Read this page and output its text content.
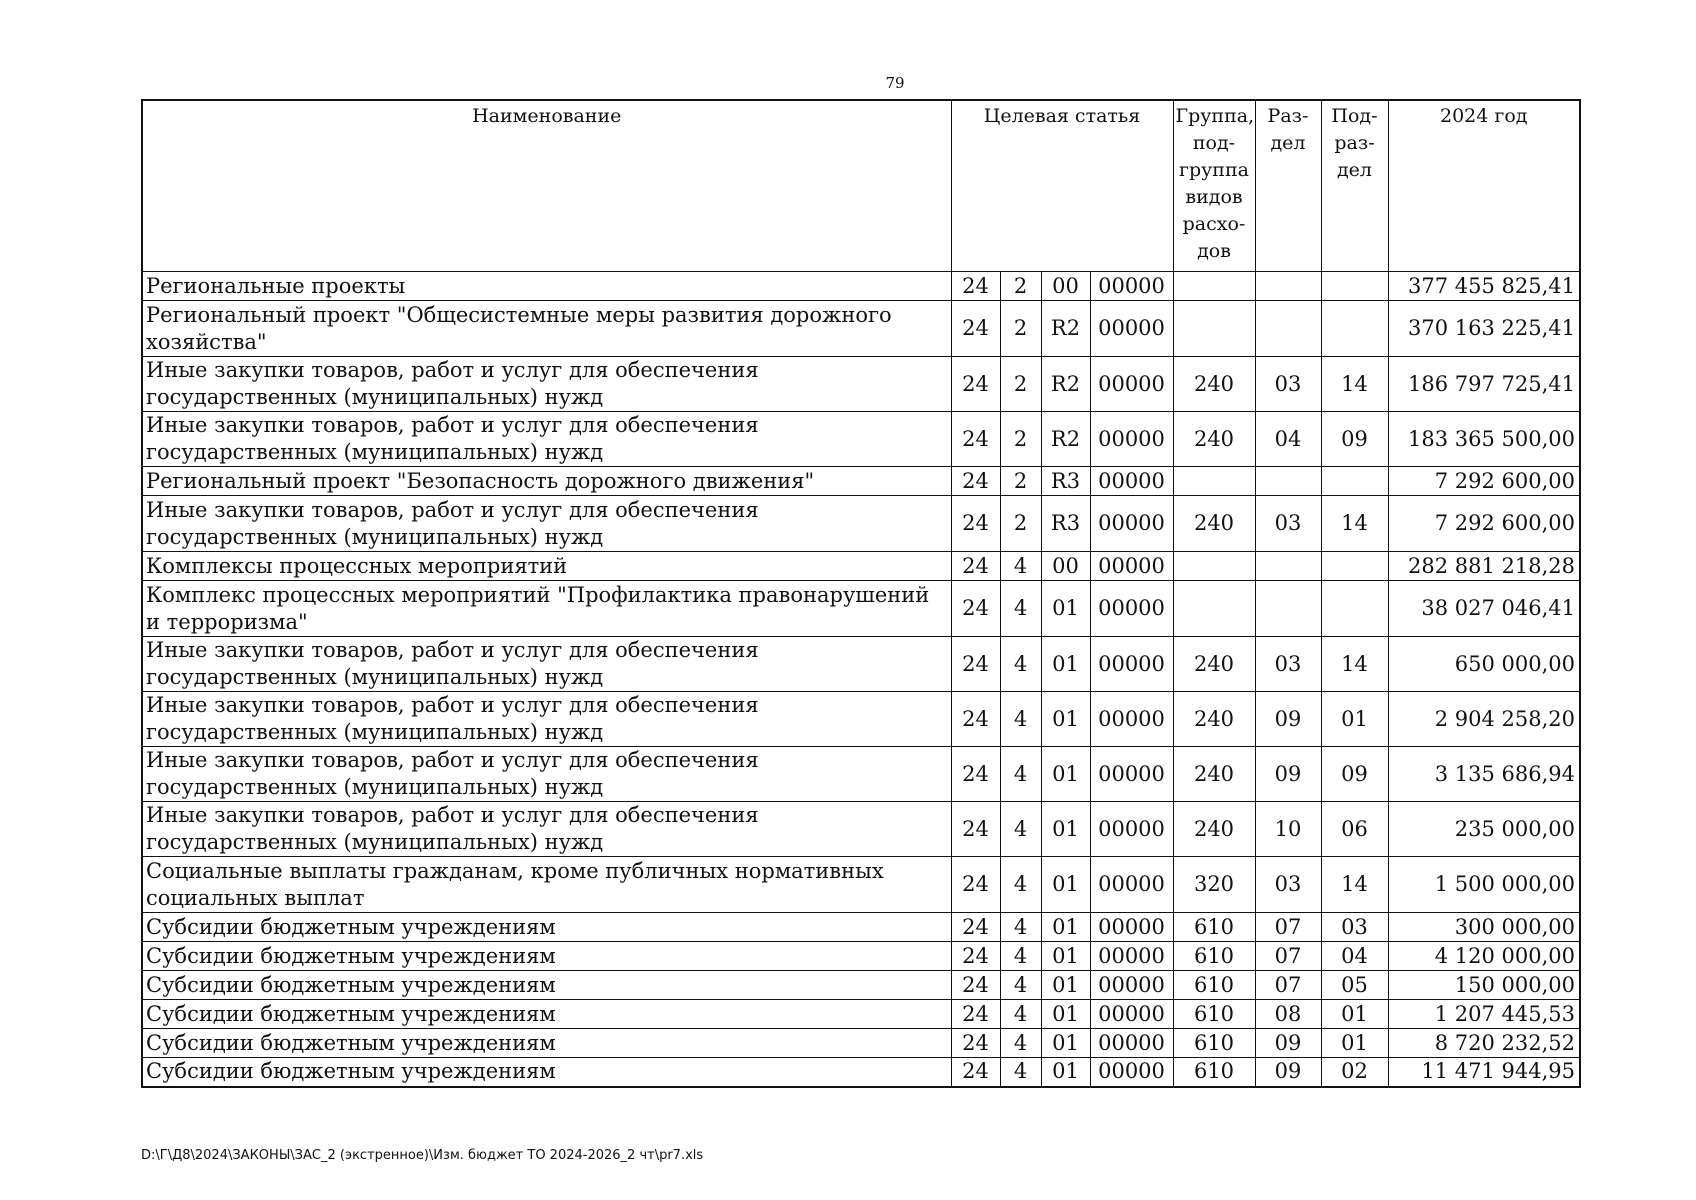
79
Наименование	Целевая статья				Группа, под- группа видов расхо- дов	Раз- дел	Под- раз- дел	2024 год
Региональные проекты	24	2	00	00000				377 455 825,41
Региональный проект "Общесистемные меры развития дорожного хозяйства"	24	2	R2	00000				370 163 225,41
Иные закупки товаров, работ и услуг для обеспечения государственных (муниципальных) нужд	24	2	R2	00000	240	03	14	186 797 725,41
Иные закупки товаров, работ и услуг для обеспечения государственных (муниципальных) нужд	24	2	R2	00000	240	04	09	183 365 500,00
Региональный проект "Безопасность дорожного движения"	24	2	R3	00000				7 292 600,00
Иные закупки товаров, работ и услуг для обеспечения государственных (муниципальных) нужд	24	2	R3	00000	240	03	14	7 292 600,00
Комплексы процессных мероприятий	24	4	00	00000				282 881 218,28
Комплекс процессных мероприятий "Профилактика правонарушений и терроризма"	24	4	01	00000				38 027 046,41
Иные закупки товаров, работ и услуг для обеспечения государственных (муниципальных) нужд	24	4	01	00000	240	03	14	650 000,00
Иные закупки товаров, работ и услуг для обеспечения государственных (муниципальных) нужд	24	4	01	00000	240	09	01	2 904 258,20
Иные закупки товаров, работ и услуг для обеспечения государственных (муниципальных) нужд	24	4	01	00000	240	09	09	3 135 686,94
Иные закупки товаров, работ и услуг для обеспечения государственных (муниципальных) нужд	24	4	01	00000	240	10	06	235 000,00
Социальные выплаты гражданам, кроме публичных нормативных социальных выплат	24	4	01	00000	320	03	14	1 500 000,00
Субсидии бюджетным учреждениям	24	4	01	00000	610	07	03	300 000,00
Субсидии бюджетным учреждениям	24	4	01	00000	610	07	04	4 120 000,00
Субсидии бюджетным учреждениям	24	4	01	00000	610	07	05	150 000,00
Субсидии бюджетным учреждениям	24	4	01	00000	610	08	01	1 207 445,53
Субсидии бюджетным учреждениям	24	4	01	00000	610	09	01	8 720 232,52
Субсидии бюджетным учреждениям	24	4	01	00000	610	09	02	11 471 944,95
D:\Г\Д8\2024\ЗАКОНЫ\ЗАС_2 (экстренное)\Изм. бюджет ТО 2024-2026_2 чт\pr7.xls
